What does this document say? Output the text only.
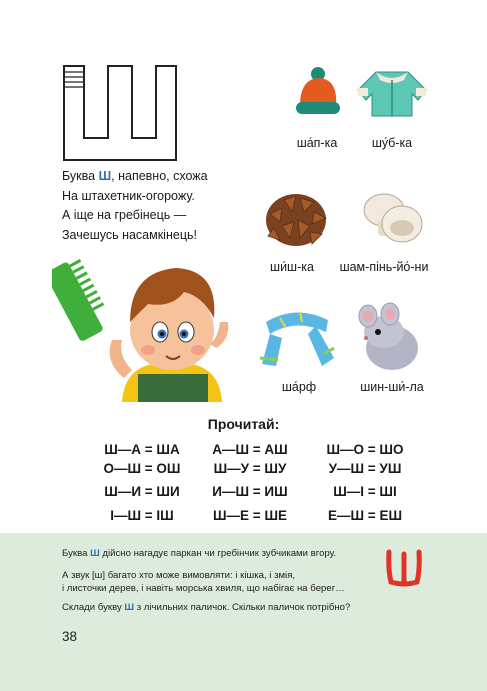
Буква Ш, напевно, схожа
На штахетник-огорожу.
А іще на гребінець —
Зачешусь насамкінець!
ша́п-ка	шу́б-ка
ши́ш-ка	шам-пінь-йо́-ни
ша́рф	шин-ши́-ла
Прочитай:
Ш—А = ША	А—Ш = АШ	Ш—О = ШО
О—Ш = ОШ	Ш—У = ШУ	У—Ш = УШ
Ш—И = ШИ	И—Ш = ИШ	Ш—І = ШІ
І—Ш = ІШ	Ш—Е = ШЕ	Е—Ш = ЕШ
Буква Ш дійсно нагадує паркан чи гребінчик зубчиками вгору.
А звук [ш] багато хто може вимовляти: і кішка, і змія,
і листочки дерев, і навіть морська хвиля, що набігає на берег…
Склади букву Ш з лічильних паличок. Скільки паличок потрібно?
38
